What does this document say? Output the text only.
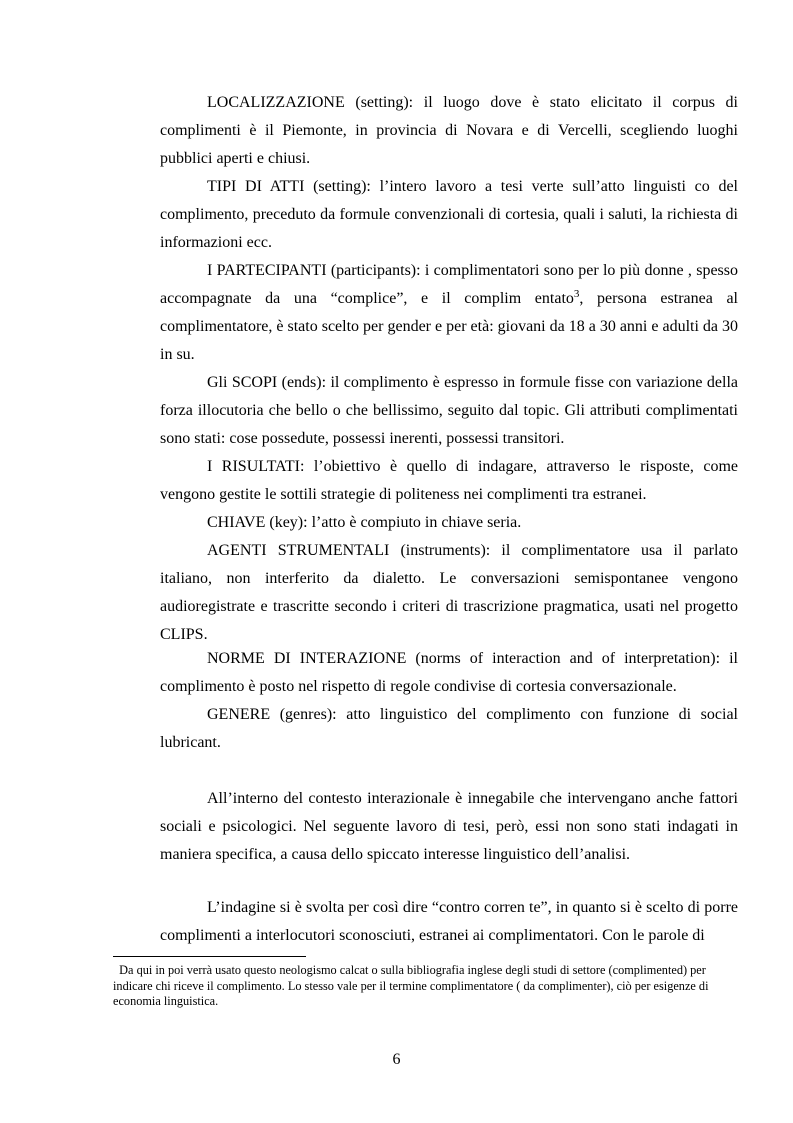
LOCALIZZAZIONE (setting): il luogo dove è stato elicitato il corpus di complimenti è il Piemonte, in provincia di Novara e di Vercelli, scegliendo luoghi pubblici aperti e chiusi.

TIPI DI ATTI (setting): l’intero lavoro a tesi verte sull’atto linguisti co del complimento, preceduto da formule convenzionali di cortesia, quali i saluti, la richiesta di informazioni ecc.

I PARTECIPANTI (participants): i complimentatori sono per lo più donne , spesso accompagnate da una “complice”, e il complim entato$^3$, persona estranea al complimentatore, è stato scelto per gender e per età: giovani da 18 a 30 anni e adulti da 30 in su.

Gli SCOPI (ends): il complimento è espresso in formule fisse con variazione della forza illocutoria che bello o che bellissimo, seguito dal topic. Gli attributi complimentati sono stati: cose possedute, possessi inerenti, possessi transitori.

I RISULTATI: l’obiettivo è quello di indagare, attraverso le risposte, come vengono gestite le sottili strategie di politeness nei complimenti tra estranei.

CHIAVE (key): l’atto è compiuto in chiave seria.

AGENTI STRUMENTALI (instruments): il complimentatore usa il parlato italiano, non interferito da dialetto. Le conversazioni semispontanee vengono audioregistrate e trascritte secondo i criteri di trascrizione pragmatica, usati nel progetto CLIPS.

NORME DI INTERAZIONE (norms of interaction and of interpretation): il complimento è posto nel rispetto di regole condivise di cortesia conversazionale.

GENERE (genres): atto linguistico del complimento con funzione di social lubricant.

All’interno del contesto interazionale è innegabile che intervengano anche fattori sociali e psicologici. Nel seguente lavoro di tesi, però, essi non sono stati indagati in maniera specifica, a causa dello spiccato interesse linguistico dell’analisi.

L’indagine si è svolta per così dire “contro corren te”, in quanto si è scelto di porre complimenti a interlocutori sconosciuti, estranei ai complimentatori. Con le parole di

Da qui in poi verrà usato questo neologismo calcat o sulla bibliografia inglese degli studi di settore (complimented) per indicare chi riceve il complimento. Lo stesso vale per il termine complimentatore ( da complimenter), ciò per esigenze di economia linguistica.

6
